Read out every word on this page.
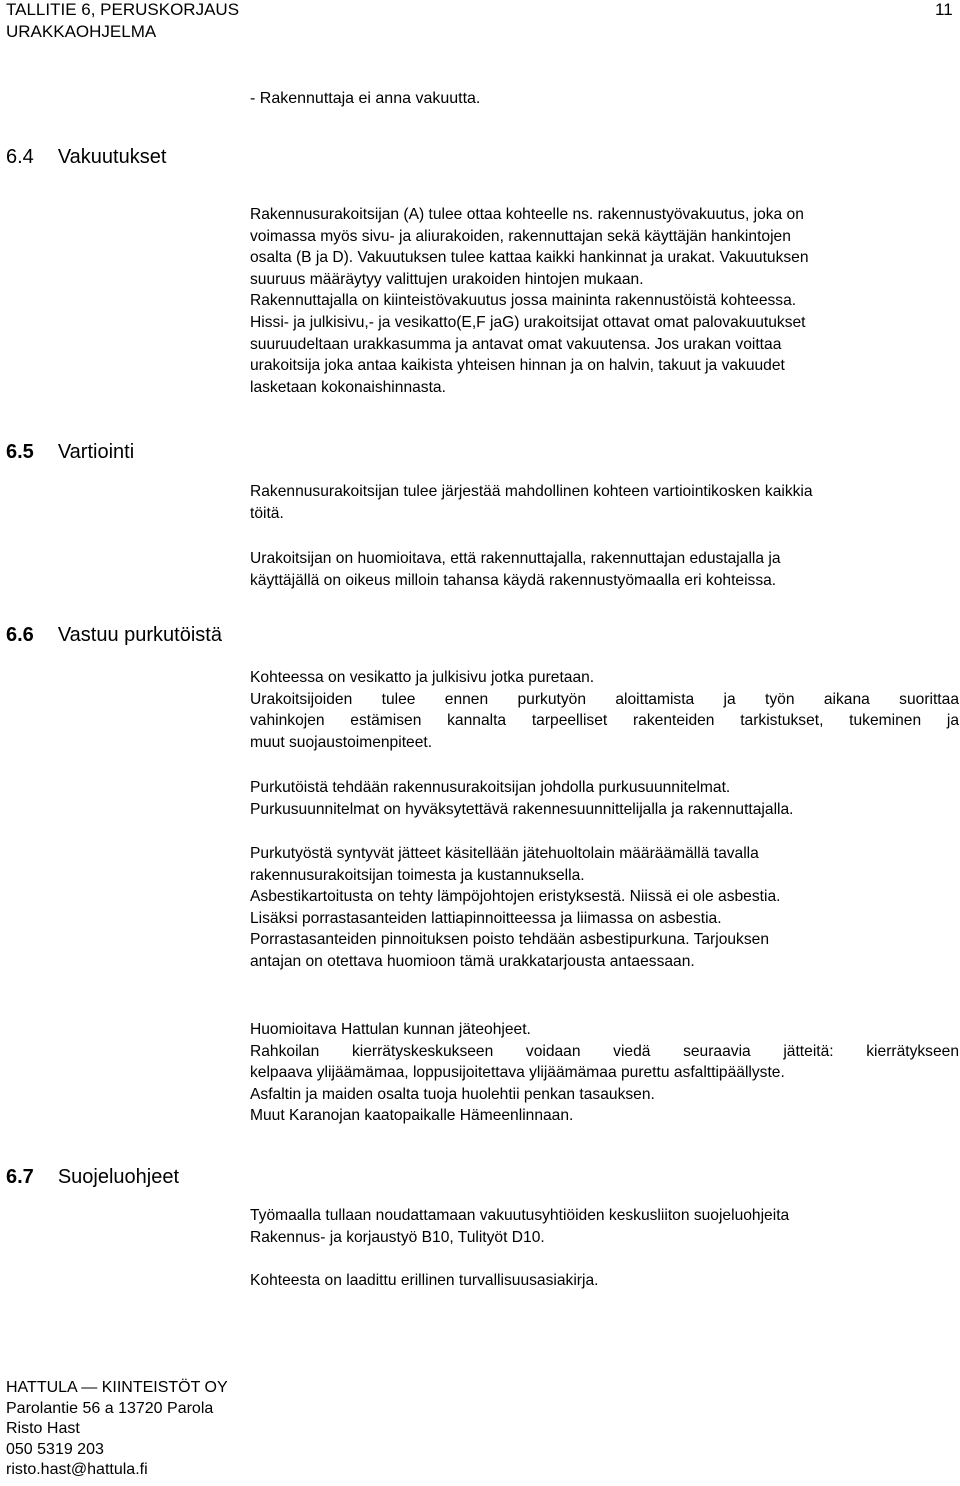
TALLITIE 6, PERUSKORJAUS
URAKKAOHJELMA
11
- Rakennuttaja ei anna vakuutta.
6.4 Vakuutukset
Rakennusurakoitsijan (A) tulee ottaa kohteelle ns. rakennustyövakuutus, joka on
voimassa myös sivu- ja aliurakoiden, rakennuttajan sekä käyttäjän hankintojen
osalta (B ja D). Vakuutuksen tulee kattaa kaikki hankinnat ja urakat. Vakuutuksen
suuruus määräytyy valittujen urakoiden hintojen mukaan.
Rakennuttajalla on kiinteistövakuutus jossa maininta rakennustöistä kohteessa.
Hissi- ja julkisivu,- ja vesikatto(E,F jaG) urakoitsijat ottavat omat palovakuutukset
suuruudeltaan urakkasumma ja antavat omat vakuutensa. Jos urakan voittaa
urakoitsija joka antaa kaikista yhteisen hinnan ja on halvin, takuut ja vakuudet
lasketaan kokonaishinnasta.
6.5 Vartiointi
Rakennusurakoitsijan tulee järjestää mahdollinen kohteen vartiointikosken kaikkia
töitä.
Urakoitsijan on huomioitava, että rakennuttajalla, rakennuttajan edustajalla ja
käyttäjällä on oikeus milloin tahansa käydä rakennustyömaalla eri kohteissa.
6.6 Vastuu purkutöistä
Kohteessa on vesikatto ja julkisivu jotka puretaan.
Urakoitsijoiden tulee ennen purkutyön aloittamista ja työn aikana suorittaa
vahinkojen estämisen kannalta tarpeelliset rakenteiden tarkistukset, tukeminen ja
muut suojaustoimenpiteet.
Purkutöistä tehdään rakennusurakoitsijan johdolla purkusuunnitelmat.
Purkusuunnitelmat on hyväksytettävä rakennesuunnittelijalla ja rakennuttajalla.
Purkutyöstä syntyvät jätteet käsitellään jätehuoltolain määräämällä tavalla
rakennusurakoitsijan toimesta ja kustannuksella.
Asbestikartoitusta on tehty lämpöjohtojen eristyksestä. Niissä ei ole asbestia.
Lisäksi porrastasanteiden lattiapinnoitteessa ja liimassa on asbestia.
Porrastasanteiden pinnoituksen poisto tehdään asbestipurkuna. Tarjouksen
antajan on otettava huomioon tämä urakkatarjousta antaessaan.
Huomioitava Hattulan kunnan jäteohjeet.
Rahkoilan kierrätyskeskukseen voidaan viedä seuraavia jätteitä: kierrätykseen
kelpaava ylijäämämaa, loppusijoitettava ylijäämämaa purettu asfalttipäällyste.
Asfaltin ja maiden osalta tuoja huolehtii penkan tasauksen.
Muut Karanojan kaatopaikalle Hämeenlinnaan.
6.7 Suojeluohjeet
Työmaalla tullaan noudattamaan vakuutusyhtiöiden keskusliiton suojeluohjeita
Rakennus- ja korjaustyö B10, Tulityöt D10.
Kohteesta on laadittu erillinen turvallisuusasiakirja.
HATTULA — KIINTEISTÖT OY
Parolantie 56 a 13720 Parola
Risto Hast
050 5319 203
risto.hast@hattula.fi
